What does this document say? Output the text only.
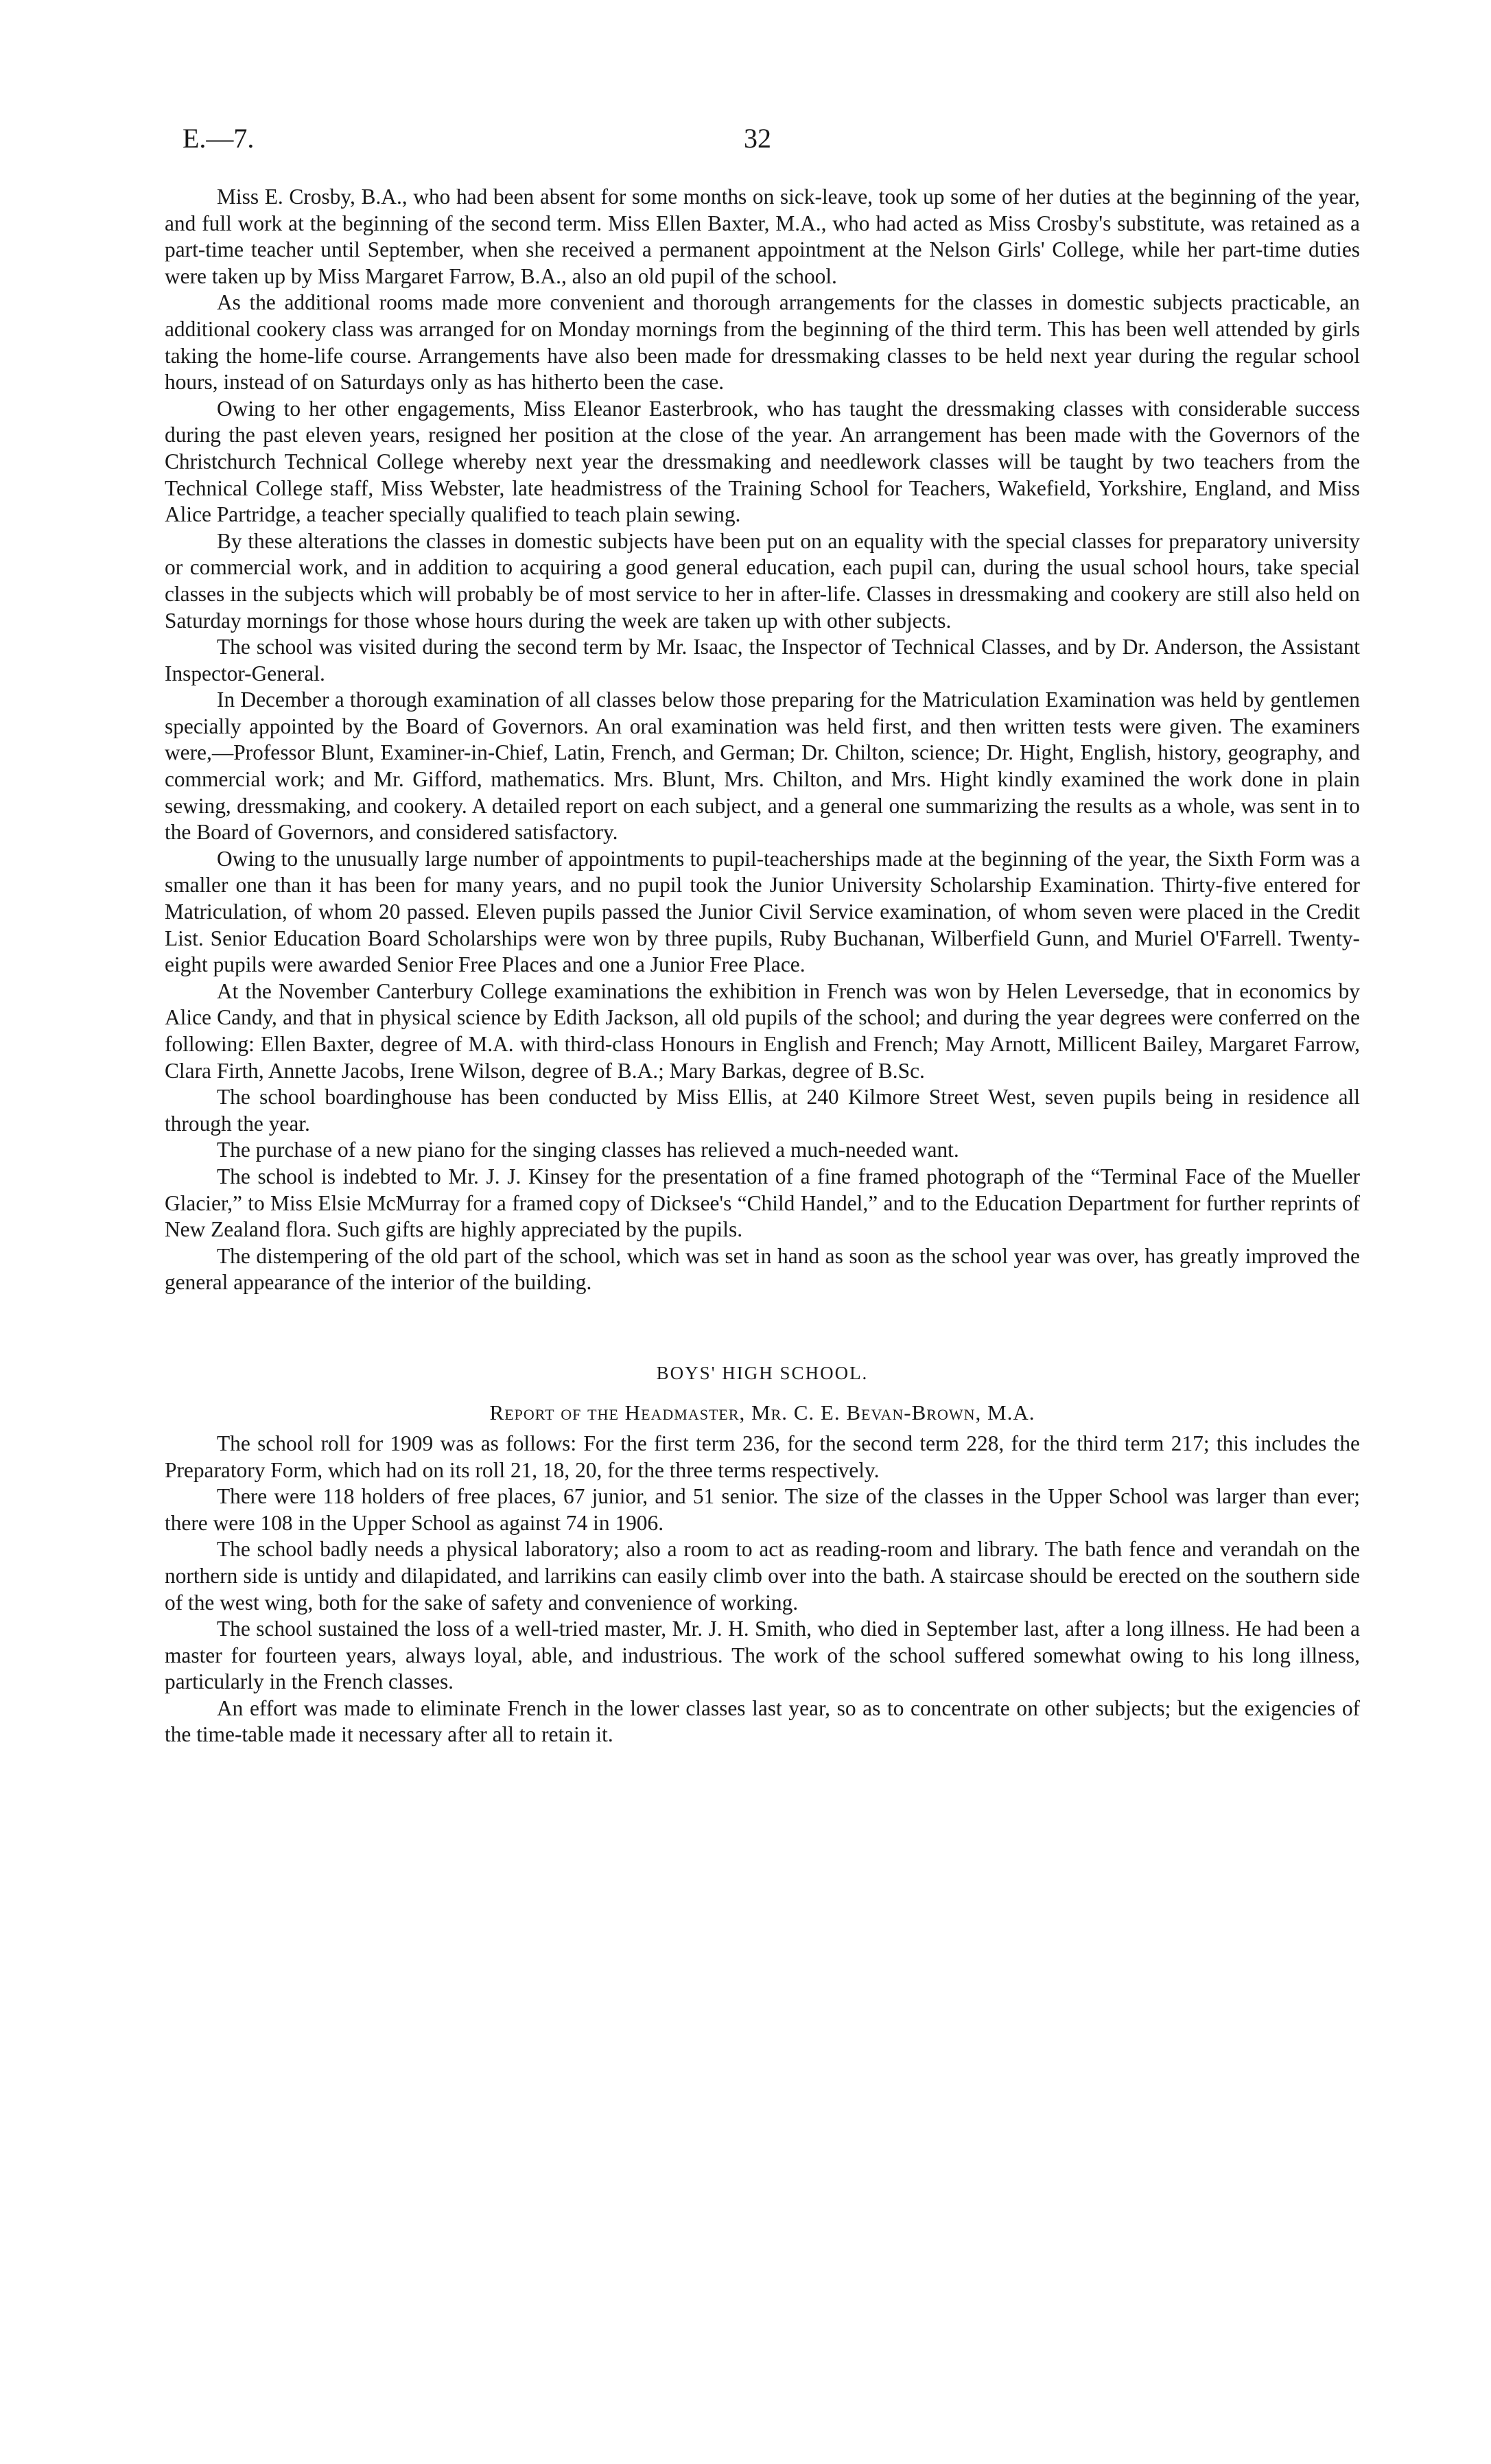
E.—7.	32

Miss E. Crosby, B.A., who had been absent for some months on sick-leave, took up some of her duties at the beginning of the year, and full work at the beginning of the second term. Miss Ellen Baxter, M.A., who had acted as Miss Crosby's substitute, was retained as a part-time teacher until September, when she received a permanent appointment at the Nelson Girls' College, while her part-time duties were taken up by Miss Margaret Farrow, B.A., also an old pupil of the school.

As the additional rooms made more convenient and thorough arrangements for the classes in domestic subjects practicable, an additional cookery class was arranged for on Monday mornings from the beginning of the third term. This has been well attended by girls taking the home-life course. Arrangements have also been made for dressmaking classes to be held next year during the regular school hours, instead of on Saturdays only as has hitherto been the case.

Owing to her other engagements, Miss Eleanor Easterbrook, who has taught the dressmaking classes with considerable success during the past eleven years, resigned her position at the close of the year. An arrangement has been made with the Governors of the Christchurch Technical College whereby next year the dressmaking and needlework classes will be taught by two teachers from the Technical College staff, Miss Webster, late headmistress of the Training School for Teachers, Wakefield, Yorkshire, England, and Miss Alice Partridge, a teacher specially qualified to teach plain sewing.

By these alterations the classes in domestic subjects have been put on an equality with the special classes for preparatory university or commercial work, and in addition to acquiring a good general education, each pupil can, during the usual school hours, take special classes in the subjects which will probably be of most service to her in after-life. Classes in dressmaking and cookery are still also held on Saturday mornings for those whose hours during the week are taken up with other subjects.

The school was visited during the second term by Mr. Isaac, the Inspector of Technical Classes, and by Dr. Anderson, the Assistant Inspector-General.

In December a thorough examination of all classes below those preparing for the Matriculation Examination was held by gentlemen specially appointed by the Board of Governors. An oral examination was held first, and then written tests were given. The examiners were,—Professor Blunt, Examiner-in-Chief, Latin, French, and German; Dr. Chilton, science; Dr. Hight, English, history, geography, and commercial work; and Mr. Gifford, mathematics. Mrs. Blunt, Mrs. Chilton, and Mrs. Hight kindly examined the work done in plain sewing, dressmaking, and cookery. A detailed report on each subject, and a general one summarizing the results as a whole, was sent in to the Board of Governors, and considered satisfactory.

Owing to the unusually large number of appointments to pupil-teacherships made at the beginning of the year, the Sixth Form was a smaller one than it has been for many years, and no pupil took the Junior University Scholarship Examination. Thirty-five entered for Matriculation, of whom 20 passed. Eleven pupils passed the Junior Civil Service examination, of whom seven were placed in the Credit List. Senior Education Board Scholarships were won by three pupils, Ruby Buchanan, Wilberfield Gunn, and Muriel O'Farrell. Twenty-eight pupils were awarded Senior Free Places and one a Junior Free Place.

At the November Canterbury College examinations the exhibition in French was won by Helen Leversedge, that in economics by Alice Candy, and that in physical science by Edith Jackson, all old pupils of the school; and during the year degrees were conferred on the following: Ellen Baxter, degree of M.A. with third-class Honours in English and French; May Arnott, Millicent Bailey, Margaret Farrow, Clara Firth, Annette Jacobs, Irene Wilson, degree of B.A.; Mary Barkas, degree of B.Sc.

The school boardinghouse has been conducted by Miss Ellis, at 240 Kilmore Street West, seven pupils being in residence all through the year.

The purchase of a new piano for the singing classes has relieved a much-needed want.

The school is indebted to Mr. J. J. Kinsey for the presentation of a fine framed photograph of the “Terminal Face of the Mueller Glacier,” to Miss Elsie McMurray for a framed copy of Dicksee's “Child Handel,” and to the Education Department for further reprints of New Zealand flora. Such gifts are highly appreciated by the pupils.

The distempering of the old part of the school, which was set in hand as soon as the school year was over, has greatly improved the general appearance of the interior of the building.

BOYS' HIGH SCHOOL.
Report of the Headmaster, Mr. C. E. Bevan-Brown, M.A.

The school roll for 1909 was as follows: For the first term 236, for the second term 228, for the third term 217; this includes the Preparatory Form, which had on its roll 21, 18, 20, for the three terms respectively.

There were 118 holders of free places, 67 junior, and 51 senior. The size of the classes in the Upper School was larger than ever; there were 108 in the Upper School as against 74 in 1906.

The school badly needs a physical laboratory; also a room to act as reading-room and library. The bath fence and verandah on the northern side is untidy and dilapidated, and larrikins can easily climb over into the bath. A staircase should be erected on the southern side of the west wing, both for the sake of safety and convenience of working.

The school sustained the loss of a well-tried master, Mr. J. H. Smith, who died in September last, after a long illness. He had been a master for fourteen years, always loyal, able, and industrious. The work of the school suffered somewhat owing to his long illness, particularly in the French classes.

An effort was made to eliminate French in the lower classes last year, so as to concentrate on other subjects; but the exigencies of the time-table made it necessary after all to retain it.
